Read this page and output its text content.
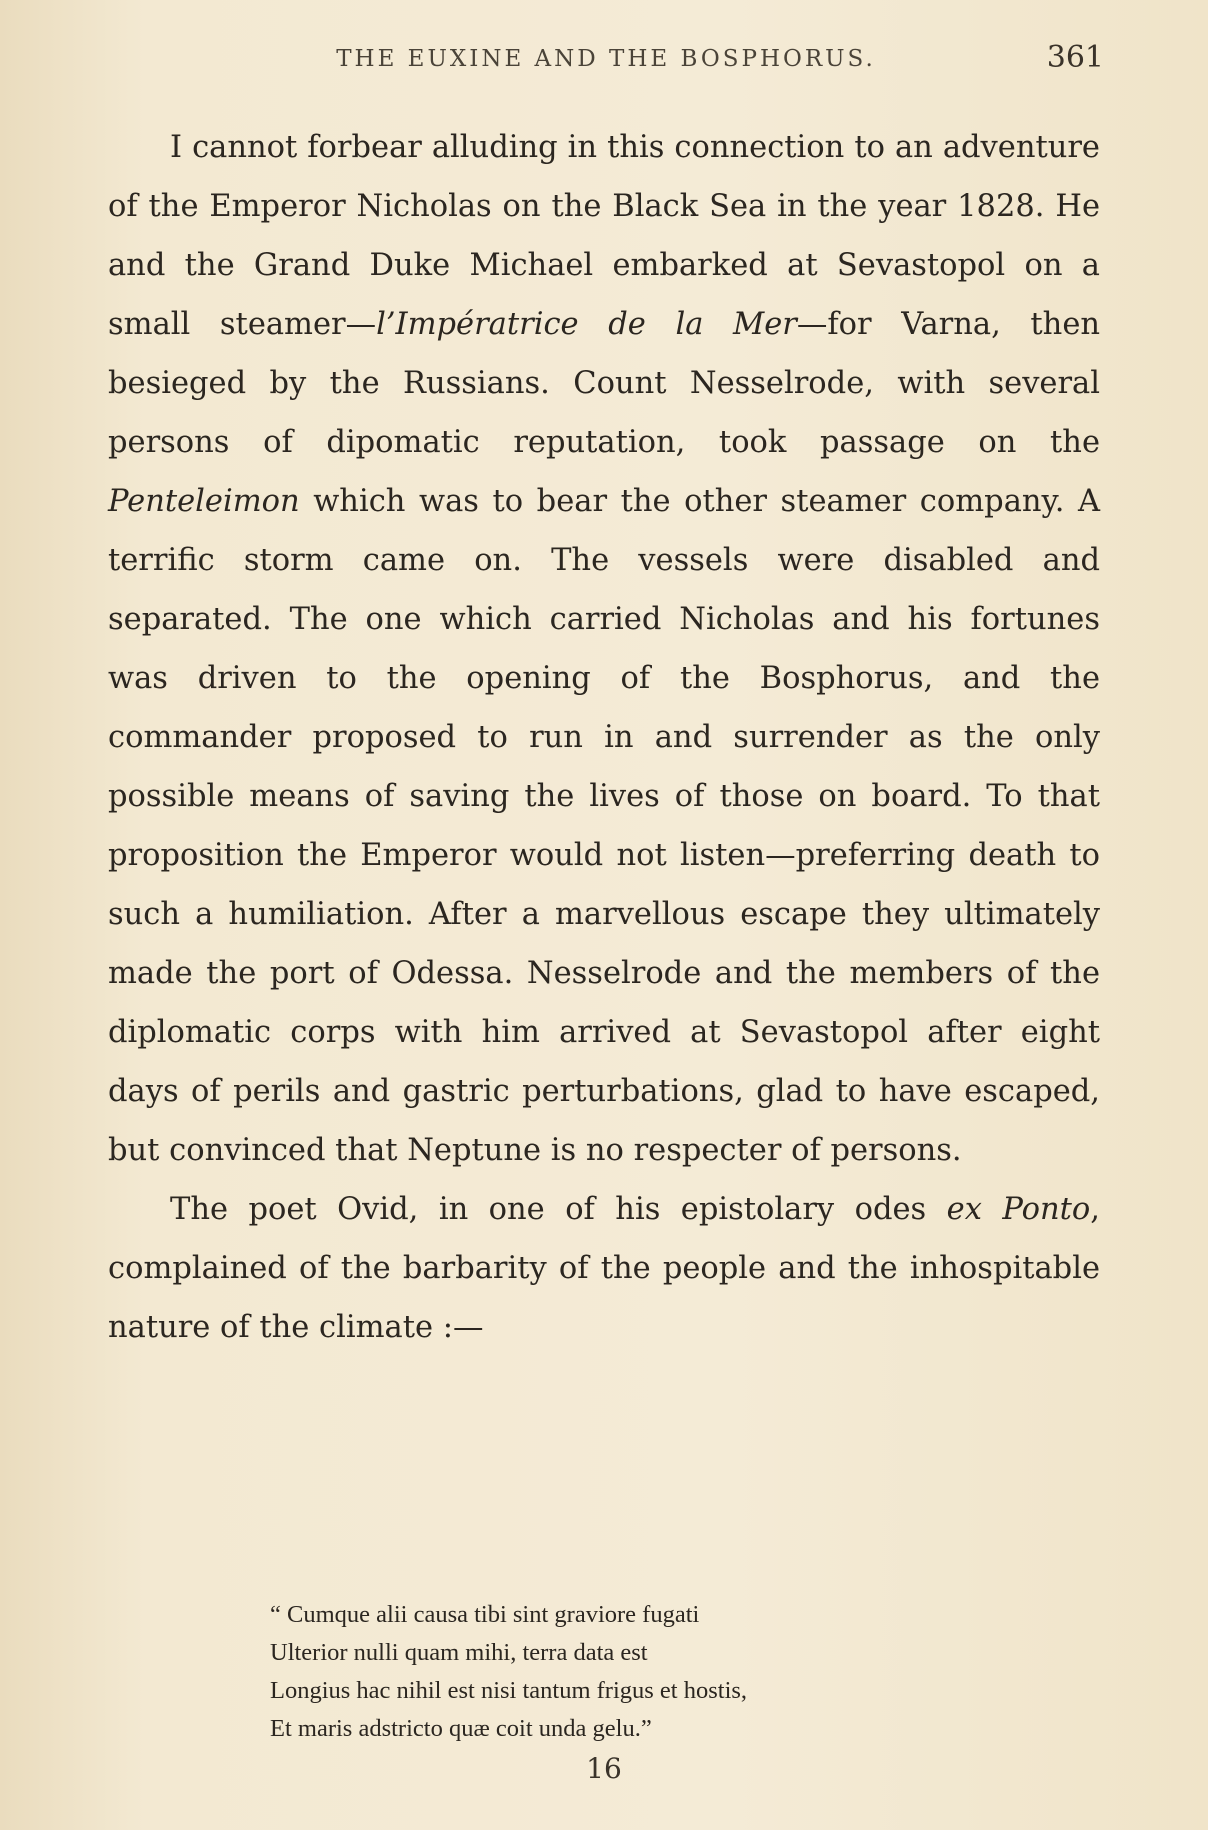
THE EUXINE AND THE BOSPHORUS.	361

I cannot forbear alluding in this connection to an adventure of the Emperor Nicholas on the Black Sea in the year 1828. He and the Grand Duke Michael embarked at Sevastopol on a small steamer—l’Impératrice de la Mer—for Varna, then besieged by the Russians. Count Nesselrode, with several persons of dipomatic reputation, took passage on the Penteleimon which was to bear the other steamer company. A terrific storm came on. The vessels were disabled and separated. The one which carried Nicholas and his fortunes was driven to the opening of the Bosphorus, and the commander proposed to run in and surrender as the only possible means of saving the lives of those on board. To that proposition the Emperor would not listen—preferring death to such a humiliation. After a marvellous escape they ultimately made the port of Odessa. Nesselrode and the members of the diplomatic corps with him arrived at Sevastopol after eight days of perils and gastric perturbations, glad to have escaped, but convinced that Neptune is no respecter of persons.

The poet Ovid, in one of his epistolary odes ex Ponto, complained of the barbarity of the people and the inhospitable nature of the climate :—

“ Cumque alii causa tibi sint graviore fugati
Ulterior nulli quam mihi, terra data est
Longius hac nihil est nisi tantum frigus et hostis,
Et maris adstricto quæ coit unda gelu.”
16
